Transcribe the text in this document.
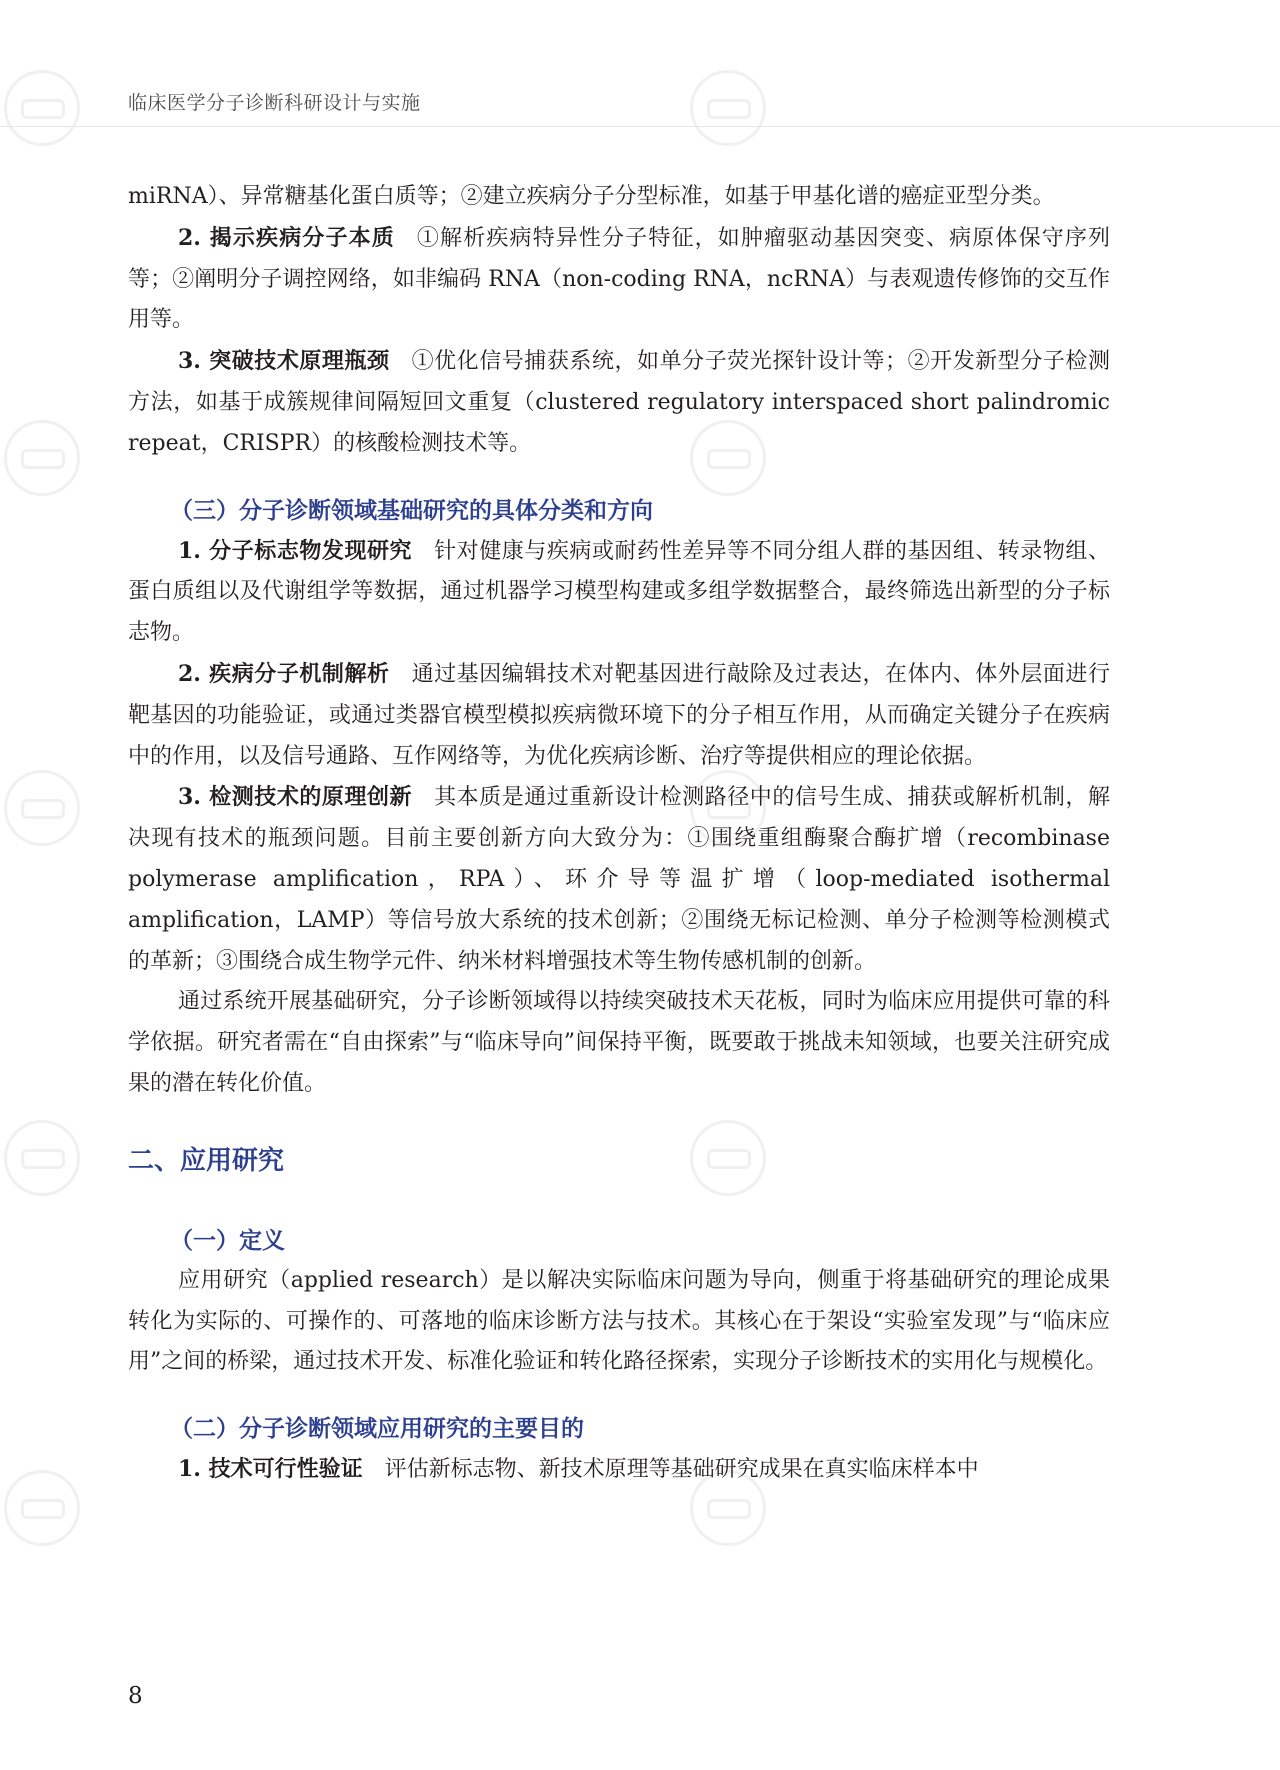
临床医学分子诊断科研设计与实施

miRNA）、异常糖基化蛋白质等；②建立疾病分子分型标准，如基于甲基化谱的癌症亚型分类。

2. 揭示疾病分子本质 ①解析疾病特异性分子特征，如肿瘤驱动基因突变、病原体保守序列等；②阐明分子调控网络，如非编码 RNA（non-coding RNA，ncRNA）与表观遗传修饰的交互作用等。

3. 突破技术原理瓶颈 ①优化信号捕获系统，如单分子荧光探针设计等；②开发新型分子检测方法，如基于成簇规律间隔短回文重复（clustered regulatory interspaced short palindromic repeat，CRISPR）的核酸检测技术等。

（三）分子诊断领域基础研究的具体分类和方向

1. 分子标志物发现研究 针对健康与疾病或耐药性差异等不同分组人群的基因组、转录物组、蛋白质组以及代谢组学等数据，通过机器学习模型构建或多组学数据整合，最终筛选出新型的分子标志物。

2. 疾病分子机制解析 通过基因编辑技术对靶基因进行敲除及过表达，在体内、体外层面进行靶基因的功能验证，或通过类器官模型模拟疾病微环境下的分子相互作用，从而确定关键分子在疾病中的作用，以及信号通路、互作网络等，为优化疾病诊断、治疗等提供相应的理论依据。

3. 检测技术的原理创新 其本质是通过重新设计检测路径中的信号生成、捕获或解析机制，解决现有技术的瓶颈问题。目前主要创新方向大致分为：①围绕重组酶聚合酶扩增（recombinase polymerase amplification，RPA）、环介导等温扩增（loop-mediated isothermal amplification，LAMP）等信号放大系统的技术创新；②围绕无标记检测、单分子检测等检测模式的革新；③围绕合成生物学元件、纳米材料增强技术等生物传感机制的创新。

通过系统开展基础研究，分子诊断领域得以持续突破技术天花板，同时为临床应用提供可靠的科学依据。研究者需在“自由探索”与“临床导向”间保持平衡，既要敢于挑战未知领域，也要关注研究成果的潜在转化价值。

二、应用研究
（一）定义

应用研究（applied research）是以解决实际临床问题为导向，侧重于将基础研究的理论成果转化为实际的、可操作的、可落地的临床诊断方法与技术。其核心在于架设“实验室发现”与“临床应用”之间的桥梁，通过技术开发、标准化验证和转化路径探索，实现分子诊断技术的实用化与规模化。

（二）分子诊断领域应用研究的主要目的

1. 技术可行性验证 评估新标志物、新技术原理等基础研究成果在真实临床样本中

8
